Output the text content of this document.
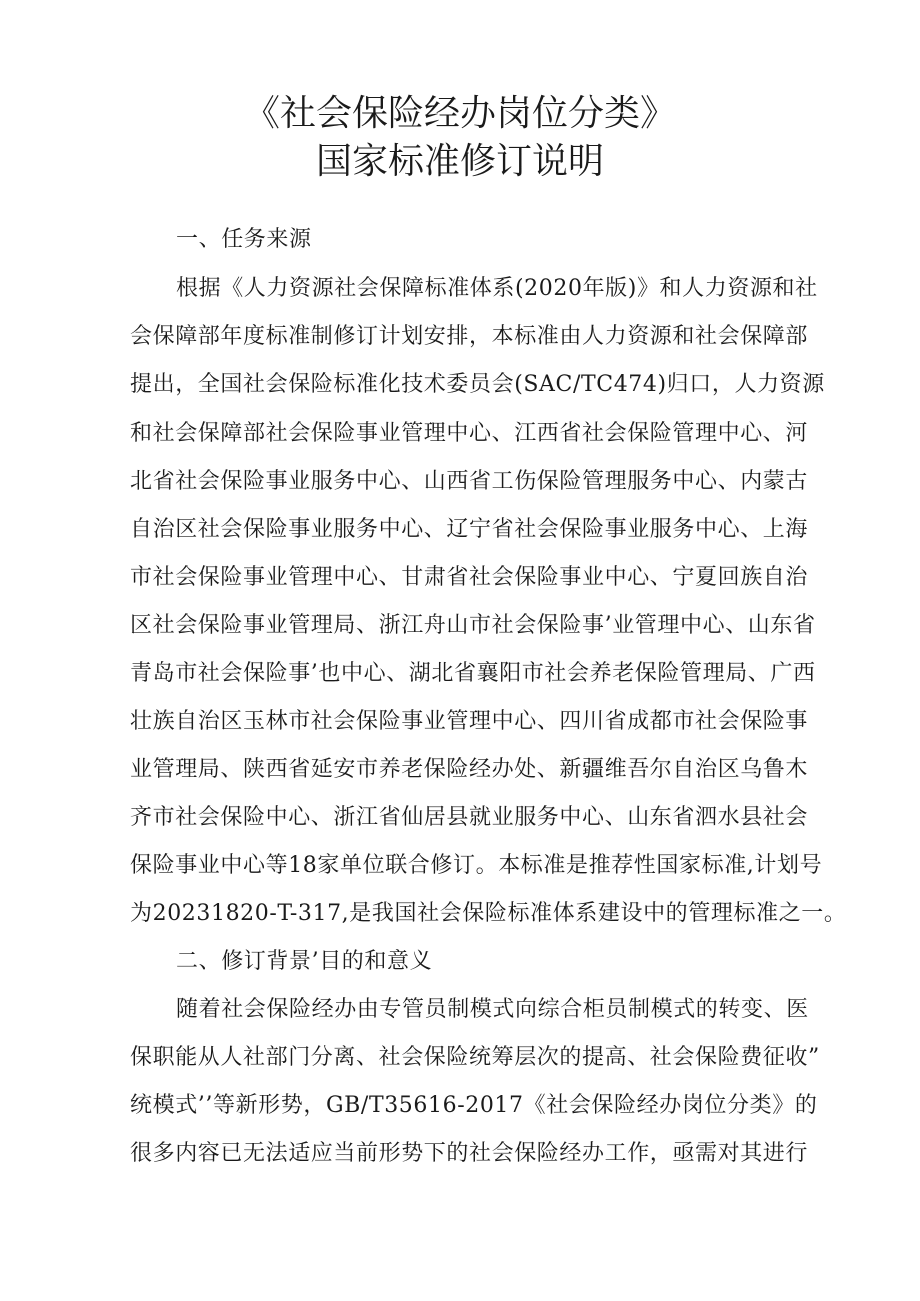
《社会保险经办岗位分类》
国家标准修订说明
一、任务来源
根据《人力资源社会保障标准体系(2020年版)》和人力资源和社
会保障部年度标准制修订计划安排，本标准由人力资源和社会保障部
提出，全国社会保险标准化技术委员会(SAC/TC474)归口，人力资源
和社会保障部社会保险事业管理中心、江西省社会保险管理中心、河
北省社会保险事业服务中心、山西省工伤保险管理服务中心、内蒙古
自治区社会保险事业服务中心、辽宁省社会保险事业服务中心、上海
市社会保险事业管理中心、甘肃省社会保险事业中心、宁夏回族自治
区社会保险事业管理局、浙江舟山市社会保险事’业管理中心、山东省
青岛市社会保险事’也中心、湖北省襄阳市社会养老保险管理局、广西
壮族自治区玉林市社会保险事业管理中心、四川省成都市社会保险事
业管理局、陕西省延安市养老保险经办处、新疆维吾尔自治区乌鲁木
齐市社会保险中心、浙江省仙居县就业服务中心、山东省泗水县社会
保险事业中心等18家单位联合修订。本标准是推荐性国家标准,计划号
为20231820-T-317,是我国社会保险标准体系建设中的管理标准之一。
二、修订背景’目的和意义
随着社会保险经办由专管员制模式向综合柜员制模式的转变、医
保职能从人社部门分离、社会保险统筹层次的提高、社会保险费征收”
统模式’’等新形势，GB/T35616-2017《社会保险经办岗位分类》的
很多内容已无法适应当前形势下的社会保险经办工作，亟需对其进行
